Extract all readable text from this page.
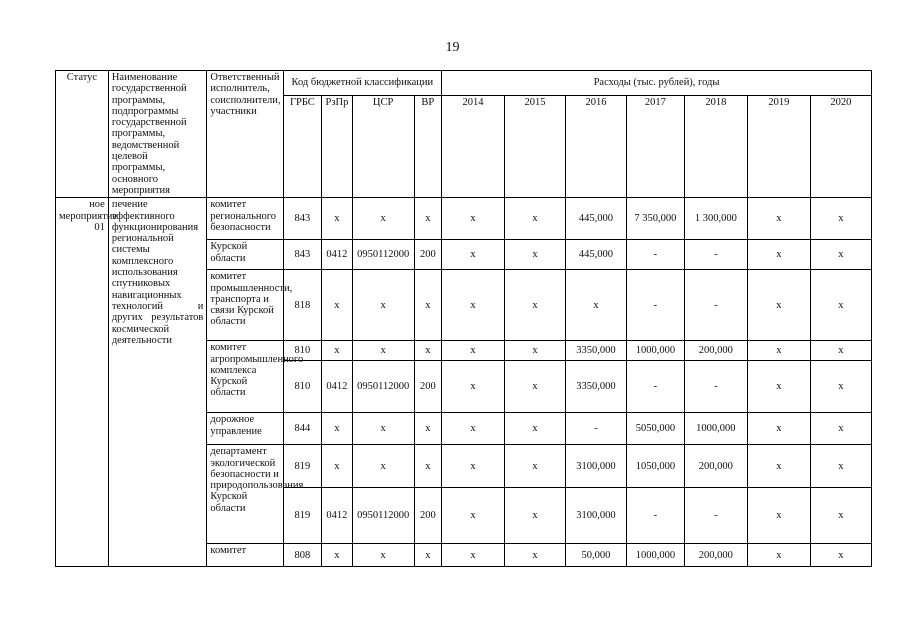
19
Статус	Наименование государственной программы, подпрограммы государственной программы, ведомственной целевой программы, основного мероприятия	Ответственный исполнитель, соисполнители, участники	Код бюджетной классификации				Расходы (тыс. рублей), годы						
			ГРБС	РзПр	ЦСР	ВР	2014	2015	2016	2017	2018	2019	2020
ное мероприятие 01	печение эффективного функционирования региональной системы комплексного использования спутниковых навигационных технологий и других результатов космической деятельности	комитет регионального безопасности	843	х	х	х	х	х	445,000	7 350,000	1 300,000	х	х
		Курской области	843	0412	0950112000	200	х	х	445,000	-	-	х	х
		комитет промышленности, транспорта и связи Курской области	818	х	х	х	х	х	х	-	-	х	х
		комитет агропромышленного комплекса Курской области	810	х	х	х	х	х	3350,000	1000,000	200,000	х	х
			810	0412	0950112000	200	х	х	3350,000	-	-	х	х
		дорожное управление	844	х	х	х	х	х	-	5050,000	1000,000	х	х
		департамент экологической безопасности и природопользования Курской области	819	х	х	х	х	х	3100,000	1050,000	200,000	х	х
			819	0412	0950112000	200	х	х	3100,000	-	-	х	х
		комитет	808	х	х	х	х	х	50,000	1000,000	200,000	х	х
